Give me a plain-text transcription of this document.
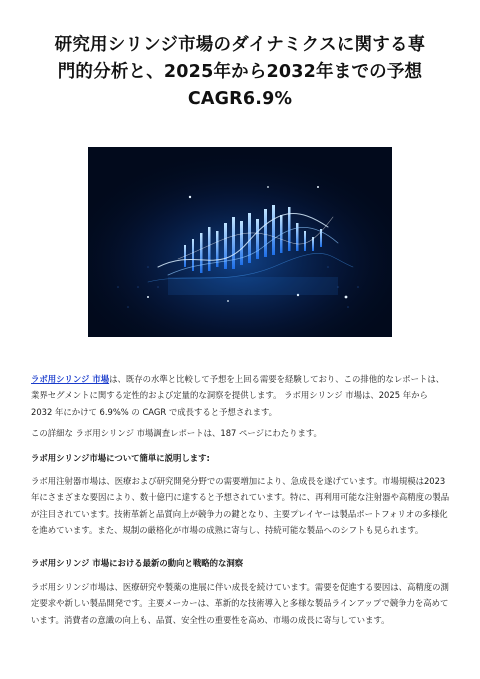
研究用シリンジ市場のダイナミクスに関する専
門的分析と、2025年から2032年までの予想
CAGR6.9%

ラボ用シリンジ 市場は、既存の水準と比較して予想を上回る需要を経験しており、この排他的なレポートは、業界セグメントに関する定性的および定量的な洞察を提供します。 ラボ用シリンジ 市場は、2025 年から 2032 年にかけて 6.9%% の CAGR で成長すると予想されます。

この詳細な ラボ用シリンジ 市場調査レポートは、187 ページにわたります。

ラボ用シリンジ市場について簡単に説明します:

ラボ用注射器市場は、医療および研究開発分野での需要増加により、急成長を遂げています。市場規模は2023年にさまざまな要因により、数十億円に達すると予想されています。特に、再利用可能な注射器や高精度の製品が注目されています。技術革新と品質向上が競争力の鍵となり、主要プレイヤーは製品ポートフォリオの多様化を進めています。また、規制の厳格化が市場の成熟に寄与し、持続可能な製品へのシフトも見られます。

ラボ用シリンジ 市場における最新の動向と戦略的な洞察

ラボ用シリンジ市場は、医療研究や製薬の進展に伴い成長を続けています。需要を促進する要因は、高精度の測定要求や新しい製品開発です。主要メーカーは、革新的な技術導入と多様な製品ラインアップで競争力を高めています。消費者の意識の向上も、品質、安全性の重要性を高め、市場の成長に寄与しています。
